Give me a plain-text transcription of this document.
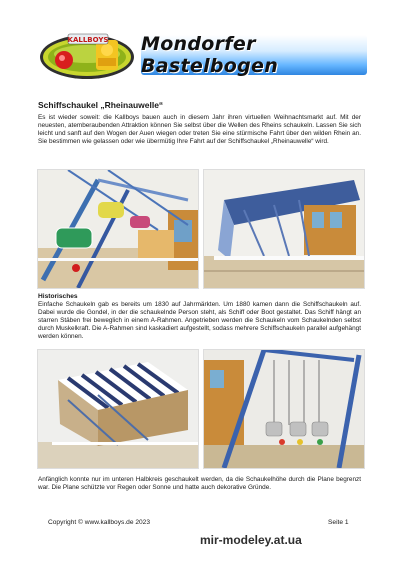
KALLBOYS Mondorfer Bastelbogen
Schiffschaukel „Rheinauwelle“
Es ist wieder soweit: die Kallboys bauen auch in diesem Jahr ihren virtuellen Weihnachtsmarkt auf. Mit der neuesten, atemberaubenden Attraktion können Sie selbst über die Wellen des Rheins schaukeln. Lassen Sie sich leicht und sanft auf den Wogen der Auen wiegen oder treten Sie eine stürmische Fahrt über den wilden Rhein an. Sie bestimmen wie gelassen oder wie übermütig Ihre Fahrt auf der Schiffschaukel „Rheinauwelle“ wird.
Historisches
Einfache Schaukeln gab es bereits um 1830 auf Jahrmärkten. Um 1880 kamen dann die Schiffschaukeln auf. Dabei wurde die Gondel, in der die schaukelnde Person steht, als Schiff oder Boot gestaltet. Das Schiff hängt an starren Stäben frei beweglich in einem A-Rahmen. Angetrieben werden die Schaukeln vom Schaukelnden selbst durch Muskelkraft. Die A-Rahmen sind kaskadiert aufgestellt, sodass mehrere Schiffschaukeln parallel aufgehängt werden können.
Anfänglich konnte nur im unteren Halbkreis geschaukelt werden, da die Schaukelhöhe durch die Plane begrenzt war. Die Plane schützte vor Regen oder Sonne und hatte auch dekorative Gründe.
Copyright © www.kallboys.de 2023	Seite 1
mir-modeley.at.ua
